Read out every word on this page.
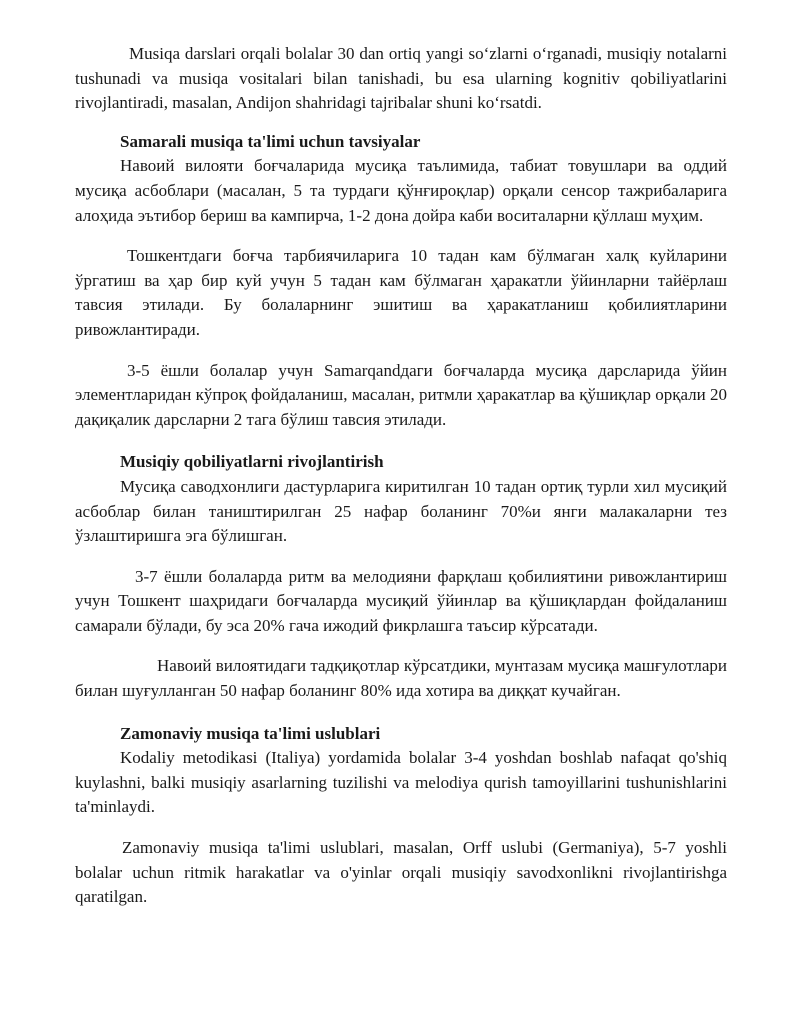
Musiqa darslari orqali bolalar 30 dan ortiq yangi so‘zlarni o‘rganadi, musiqiy notalarni tushunadi va musiqa vositalari bilan tanishadi, bu esa ularning kognitiv qobiliyatlarini rivojlantiradi, masalan, Andijon shahridagi tajribalar shuni ko‘rsatdi.

Samarali musiqa ta'limi uchun tavsiyalar

Навоий вилояти боғчаларида мусиқа таълимида, табиат товушлари ва оддий мусиқа асбоблари (масалан, 5 та турдаги қўнғироқлар) орқали сенсор тажрибаларига алоҳида эътибор бериш ва кампирча, 1-2 дона дойра каби воситаларни қўллаш муҳим.

Тошкентдаги боғча тарбиячиларига 10 тадан кам бўлмаган халқ куйларини ўргатиш ва ҳар бир куй учун 5 тадан кам бўлмаган ҳаракатли ўйинларни тайёрлаш тавсия этилади. Бу болаларнинг эшитиш ва ҳаракатланиш қобилиятларини ривожлантиради.

3-5 ёшли болалар учун Samarqandдаги боғчаларда мусиқа дарсларида ўйин элементларидан кўпроқ фойдаланиш, масалан, ритмли ҳаракатлар ва қўшиқлар орқали 20 дақиқалик дарсларни 2 тага бўлиш тавсия этилади.

Musiqiy qobiliyatlarni rivojlantirish

Мусиқа саводхонлиги дастурларига киритилган 10 тадан ортиқ турли хил мусиқий асбоблар билан таништирилган 25 нафар боланинг 70%и янги малакаларни тез ўзлаштиришга эга бўлишган.

3-7 ёшли болаларда ритм ва мелодияни фарқлаш қобилиятини ривожлантириш учун Тошкент шаҳридаги боғчаларда мусиқий ўйинлар ва қўшиқлардан фойдаланиш самарали бўлади, бу эса 20% гача ижодий фикрлашга таъсир кўрсатади.

Навоий вилоятидаги тадқиқотлар кўрсатдики, мунтазам мусиқа машғулотлари билан шуғулланган 50 нафар боланинг 80% ида хотира ва диққат кучайган.

Zamonaviy musiqa ta'limi uslublari

Kodaliy metodikasi (Italiya) yordamida bolalar 3-4 yoshdan boshlab nafaqat qo'shiq kuylashni, balki musiqiy asarlarning tuzilishi va melodiya qurish tamoyillarini tushunishlarini ta'minlaydi.

Zamonaviy musiqa ta'limi uslublari, masalan, Orff uslubi (Germaniya), 5-7 yoshli bolalar uchun ritmik harakatlar va o'yinlar orqali musiqiy savodxonlikni rivojlantirishga qaratilgan.
